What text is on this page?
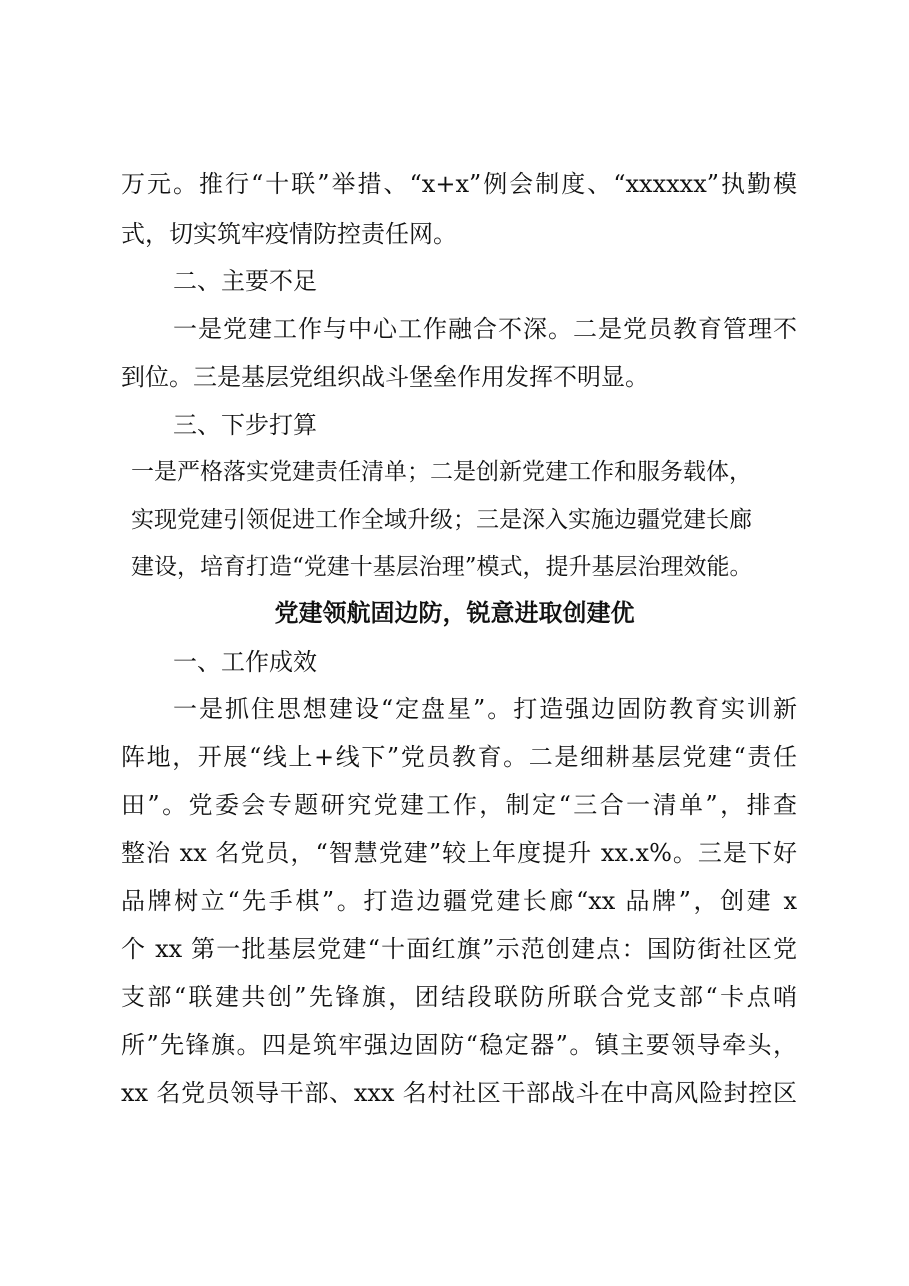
万元。推行“十联”举措、“x+x”例会制度、“xxxxxx”执勤模

式，切实筑牢疫情防控责任网。

二、主要不足

一是党建工作与中心工作融合不深。二是党员教育管理不

到位。三是基层党组织战斗堡垒作用发挥不明显。

三、下步打算

一是严格落实党建责任清单；二是创新党建工作和服务载体，

实现党建引领促进工作全域升级；三是深入实施边疆党建长廊

建设，培育打造“党建十基层治理”模式，提升基层治理效能。

党建领航固边防，锐意进取创建优

一、工作成效

一是抓住思想建设“定盘星”。打造强边固防教育实训新

阵地，开展“线上+线下”党员教育。二是细耕基层党建“责任

田”。党委会专题研究党建工作，制定“三合一清单”，排查

整治 xx 名党员，“智慧党建”较上年度提升 xx.x%。三是下好

品牌树立“先手棋”。打造边疆党建长廊“xx 品牌”，创建 x

个 xx 第一批基层党建“十面红旗”示范创建点：国防街社区党

支部“联建共创”先锋旗，团结段联防所联合党支部“卡点哨

所”先锋旗。四是筑牢强边固防“稳定器”。镇主要领导牵头，

xx 名党员领导干部、xxx 名村社区干部战斗在中高风险封控区
